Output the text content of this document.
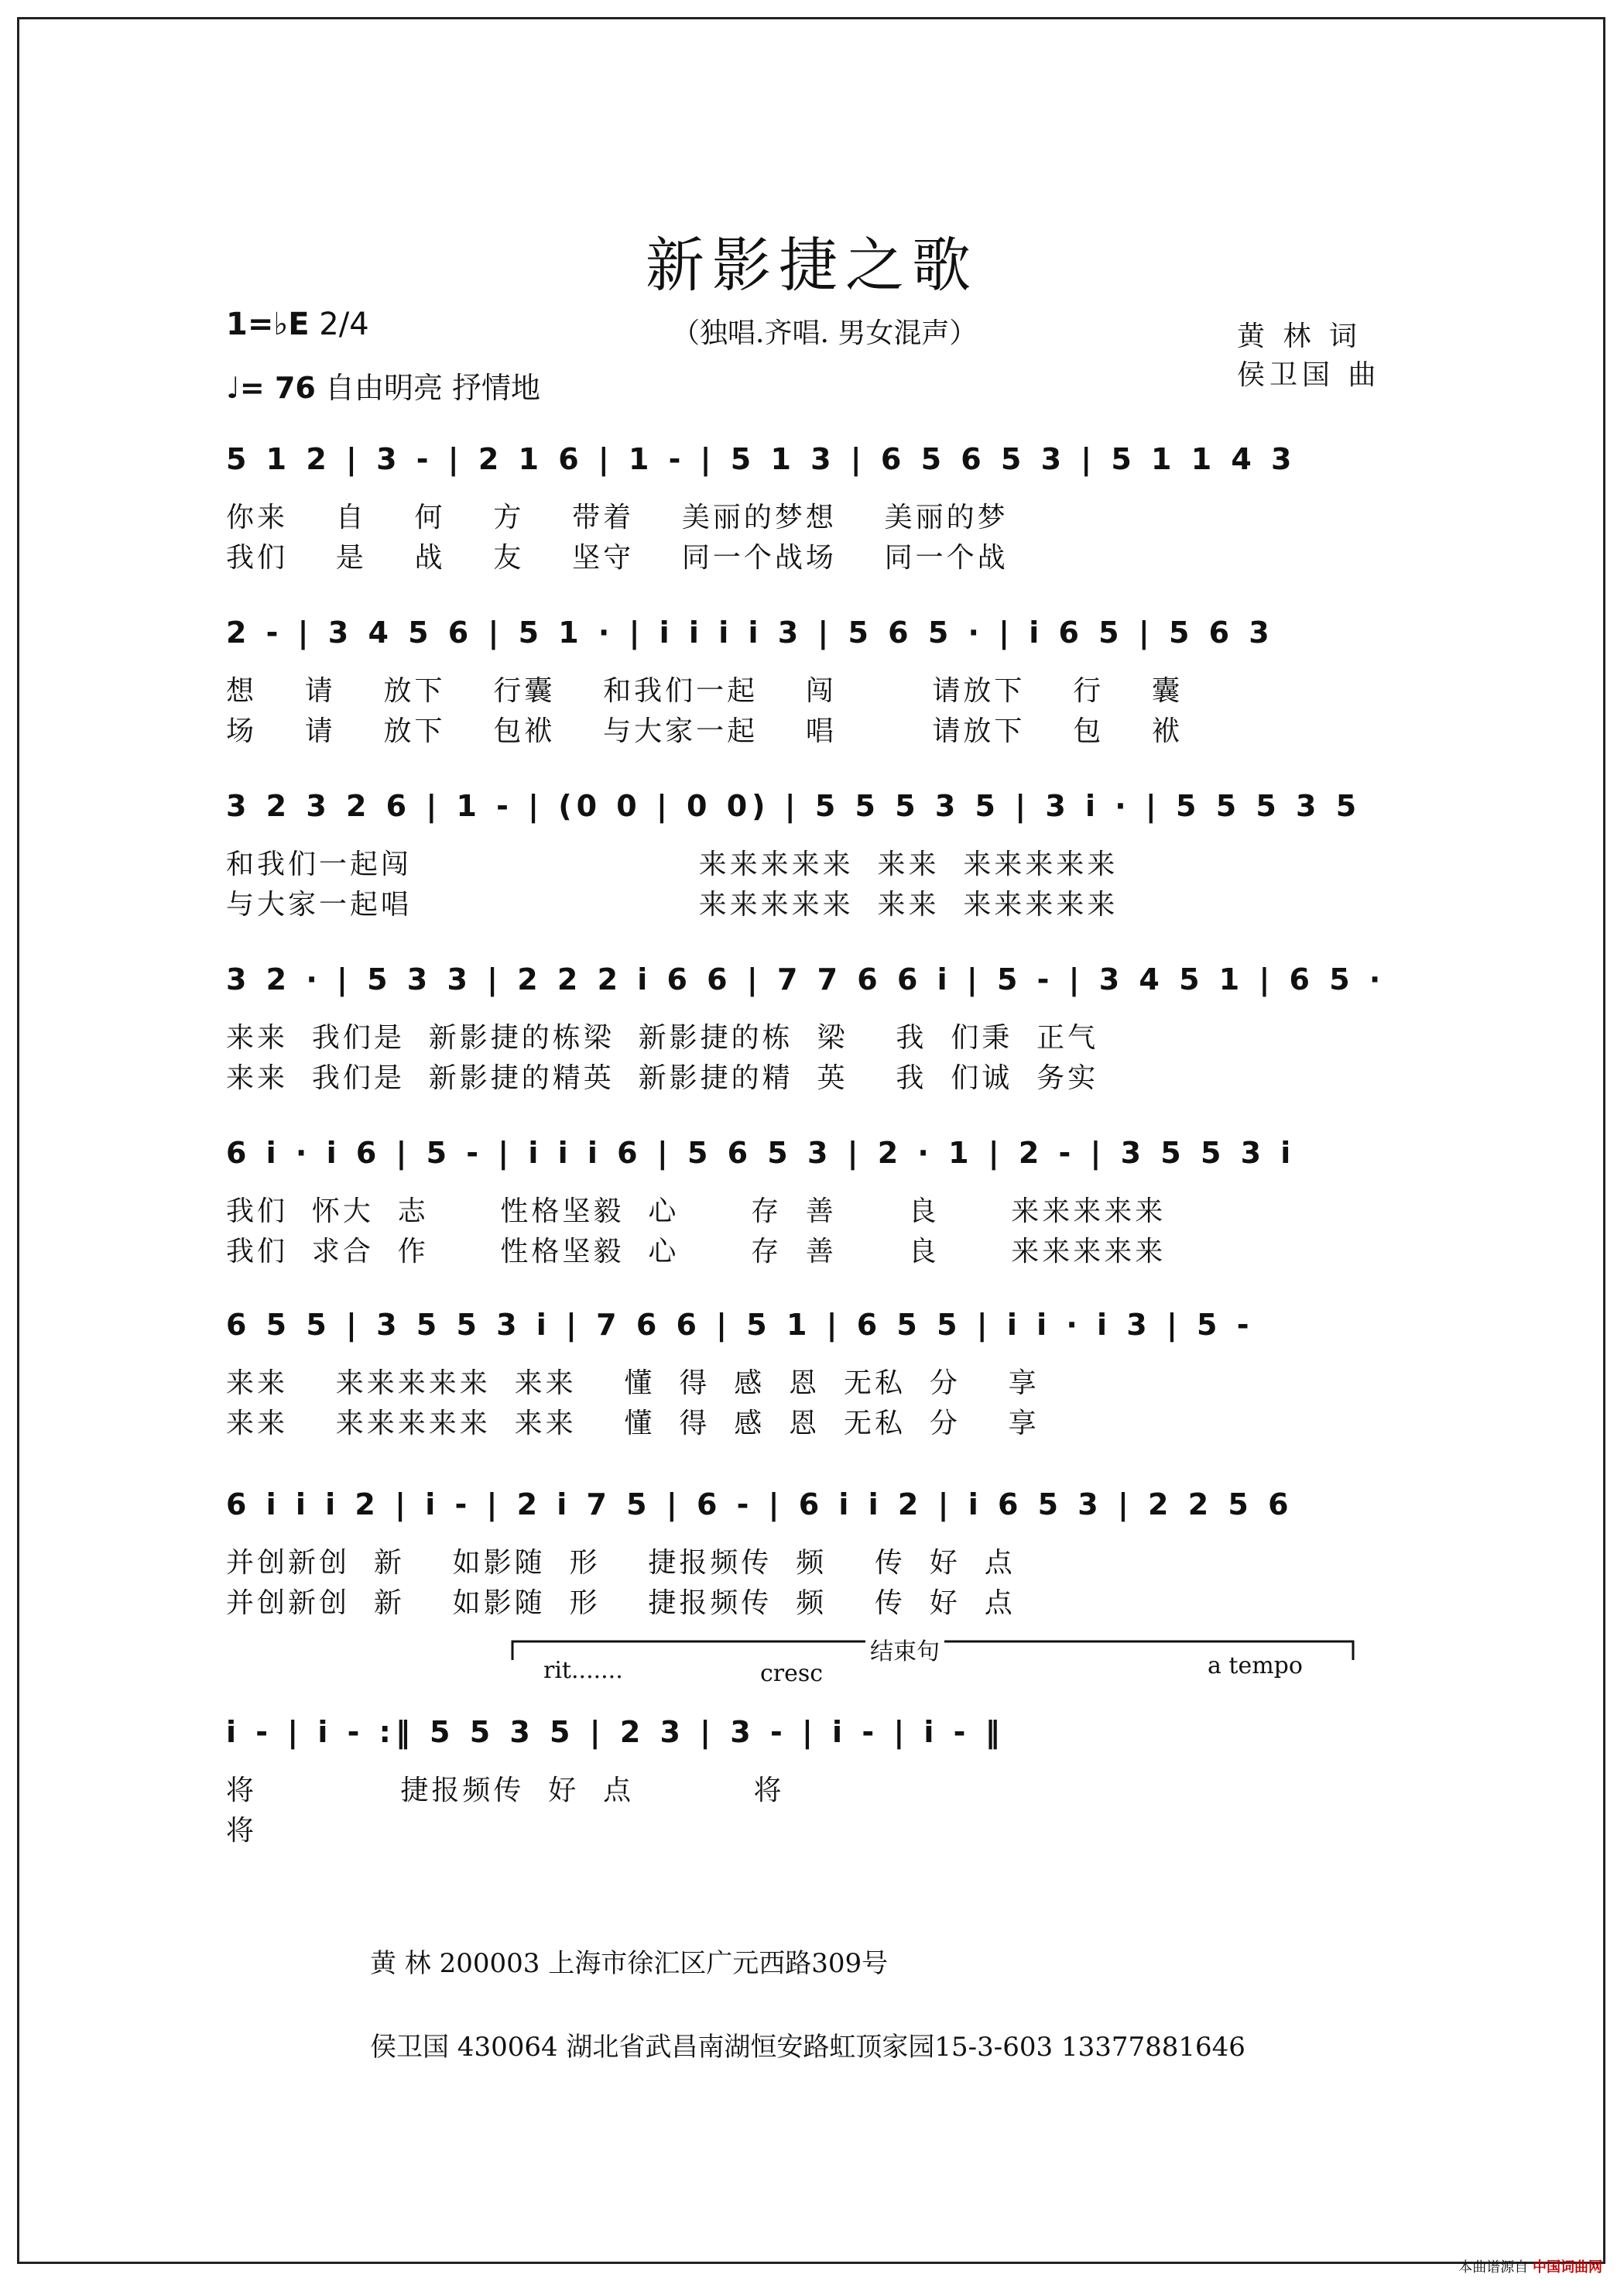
新影捷之歌
（独唱.齐唱. 男女混声）
1=♭E 2/4
♩= 76 自由明亮 抒情地
黄 林 词
侯卫国 曲
5 1 2 | 3 - | 2 1 6 | 1 - | 5 1 3 | 6 5 6 5 3 | 5 1 1 4 3
你来    自    何    方    带着    美丽的梦想    美丽的梦
我们    是    战    友    坚守    同一个战场    同一个战
2 - | 3 4 5 6 | 5 1 · | i i i i 3 | 5 6 5 · | i 6 5 | 5 6 3
想    请    放下    行囊    和我们一起    闯        请放下    行    囊
场    请    放下    包袱    与大家一起    唱        请放下    包    袱
3 2 3 2 6 | 1 - | (0 0 | 0 0) | 5 5 5 3 5 | 3 i · | 5 5 5 3 5
和我们一起闯                        来来来来来  来来  来来来来来
与大家一起唱                        来来来来来  来来  来来来来来
3 2 · | 5 3 3 | 2 2 2 i 6 6 | 7 7 6 6 i | 5 - | 3 4 5 1 | 6 5 ·
来来  我们是  新影捷的栋梁  新影捷的栋  梁    我  们秉  正气
来来  我们是  新影捷的精英  新影捷的精  英    我  们诚  务实
6 i · i 6 | 5 - | i i i 6 | 5 6 5 3 | 2 · 1 | 2 - | 3 5 5 3 i
我们  怀大  志      性格坚毅  心      存  善      良      来来来来来
我们  求合  作      性格坚毅  心      存  善      良      来来来来来
6 5 5 | 3 5 5 3 i | 7 6 6 | 5 1 | 6 5 5 | i i · i 3 | 5 -
来来    来来来来来  来来    懂  得  感  恩  无私  分    享
来来    来来来来来  来来    懂  得  感  恩  无私  分    享
6 i i i 2 | i - | 2 i 7 5 | 6 - | 6 i i 2 | i 6 5 3 | 2 2 5 6
并创新创  新    如影随  形    捷报频传  频    传  好  点
并创新创  新    如影随  形    捷报频传  频    传  好  点
结束句
rit.......	cresc	a tempo
i - | i - :‖ 5 5 3 5 | 2 3 | 3 - | i - | i - ‖
将            捷报频传  好  点          将
将
黄 林 200003 上海市徐汇区广元西路309号
侯卫国 430064 湖北省武昌南湖恒安路虹顶家园15-3-603 13377881646
本曲谱源自 中国词曲网
